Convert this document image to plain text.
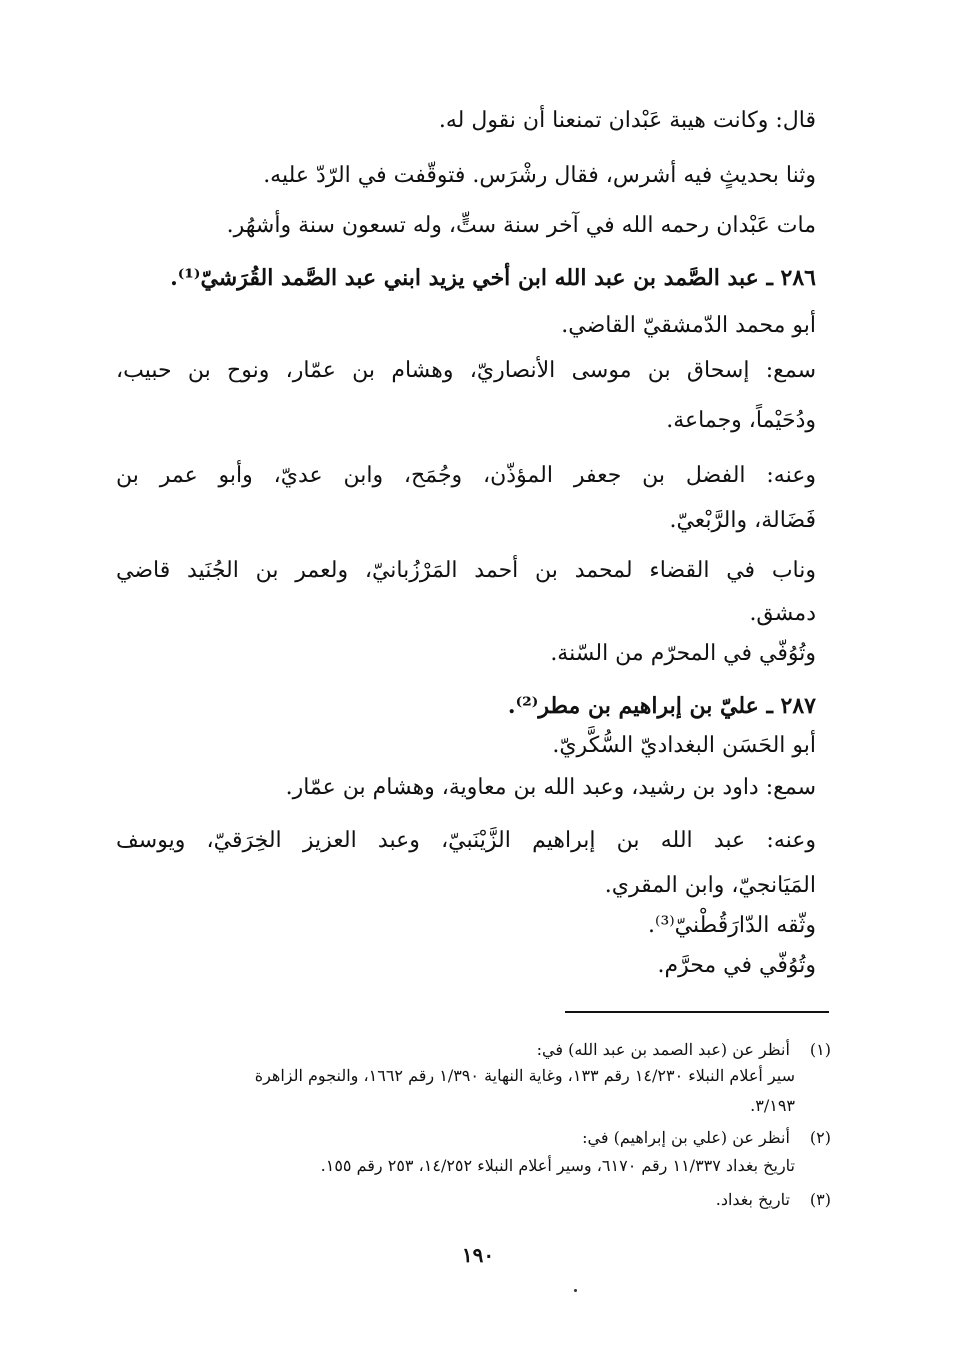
قال: وكانت هيبة عَبْدان تمنعنا أن نقول له.
وثنا بحديثٍ فيه أشرس، فقال رشْرَس. فتوقّفت في الرّدّ عليه.
مات عَبْدان رحمه الله في آخر سنة ستٍّ، وله تسعون سنة وأشهُر.
٢٨٦ ـ عبد الصَّمد بن عبد الله ابن أخي يزيد ابني عبد الصَّمد القُرَشيّ⁽¹⁾.
أبو محمد الدّمشقيّ القاضي.
سمع: إسحاق بن موسى الأنصاريّ، وهشام بن عمّار، ونوح بن حبيب،
ودُحَيْماً، وجماعة.
وعنه: الفضل بن جعفر المؤذّن، وجُمَح، وابن عديّ، وأبو عمر بن
فَضَالة، والرَّبْعيّ.
وناب في القضاء لمحمد بن أحمد المَرْزُبانيّ، ولعمر بن الجُنَيد قاضي
دمشق.
وتُوُفّي في المحرّم من السّنة.
٢٨٧ ـ عليّ بن إبراهيم بن مطر⁽²⁾.
أبو الحَسَن البغداديّ السُّكَّريّ.
سمع: داود بن رشيد، وعبد الله بن معاوية، وهشام بن عمّار.
وعنه: عبد الله بن إبراهيم الزَّيْنَبيّ، وعبد العزيز الخِرَقيّ، ويوسف
المَيَانجيّ، وابن المقري.
وثّقه الدّارَقُطْنيّ⁽³⁾.
وتُوُفّي في محرَّم.
(١) أنظر عن (عبد الصمد بن عبد الله) في:
سير أعلام النبلاء ١٤/٢٣٠ رقم ١٣٣، وغاية النهاية ١/٣٩٠ رقم ١٦٦٢، والنجوم الزاهرة
٣/١٩٣.
(٢) أنظر عن (علي بن إبراهيم) في:
تاريخ بغداد ١١/٣٣٧ رقم ٦١٧٠، وسير أعلام النبلاء ١٤/٢٥٢، ٢٥٣ رقم ١٥٥.
(٣) تاريخ بغداد.
١٩٠
